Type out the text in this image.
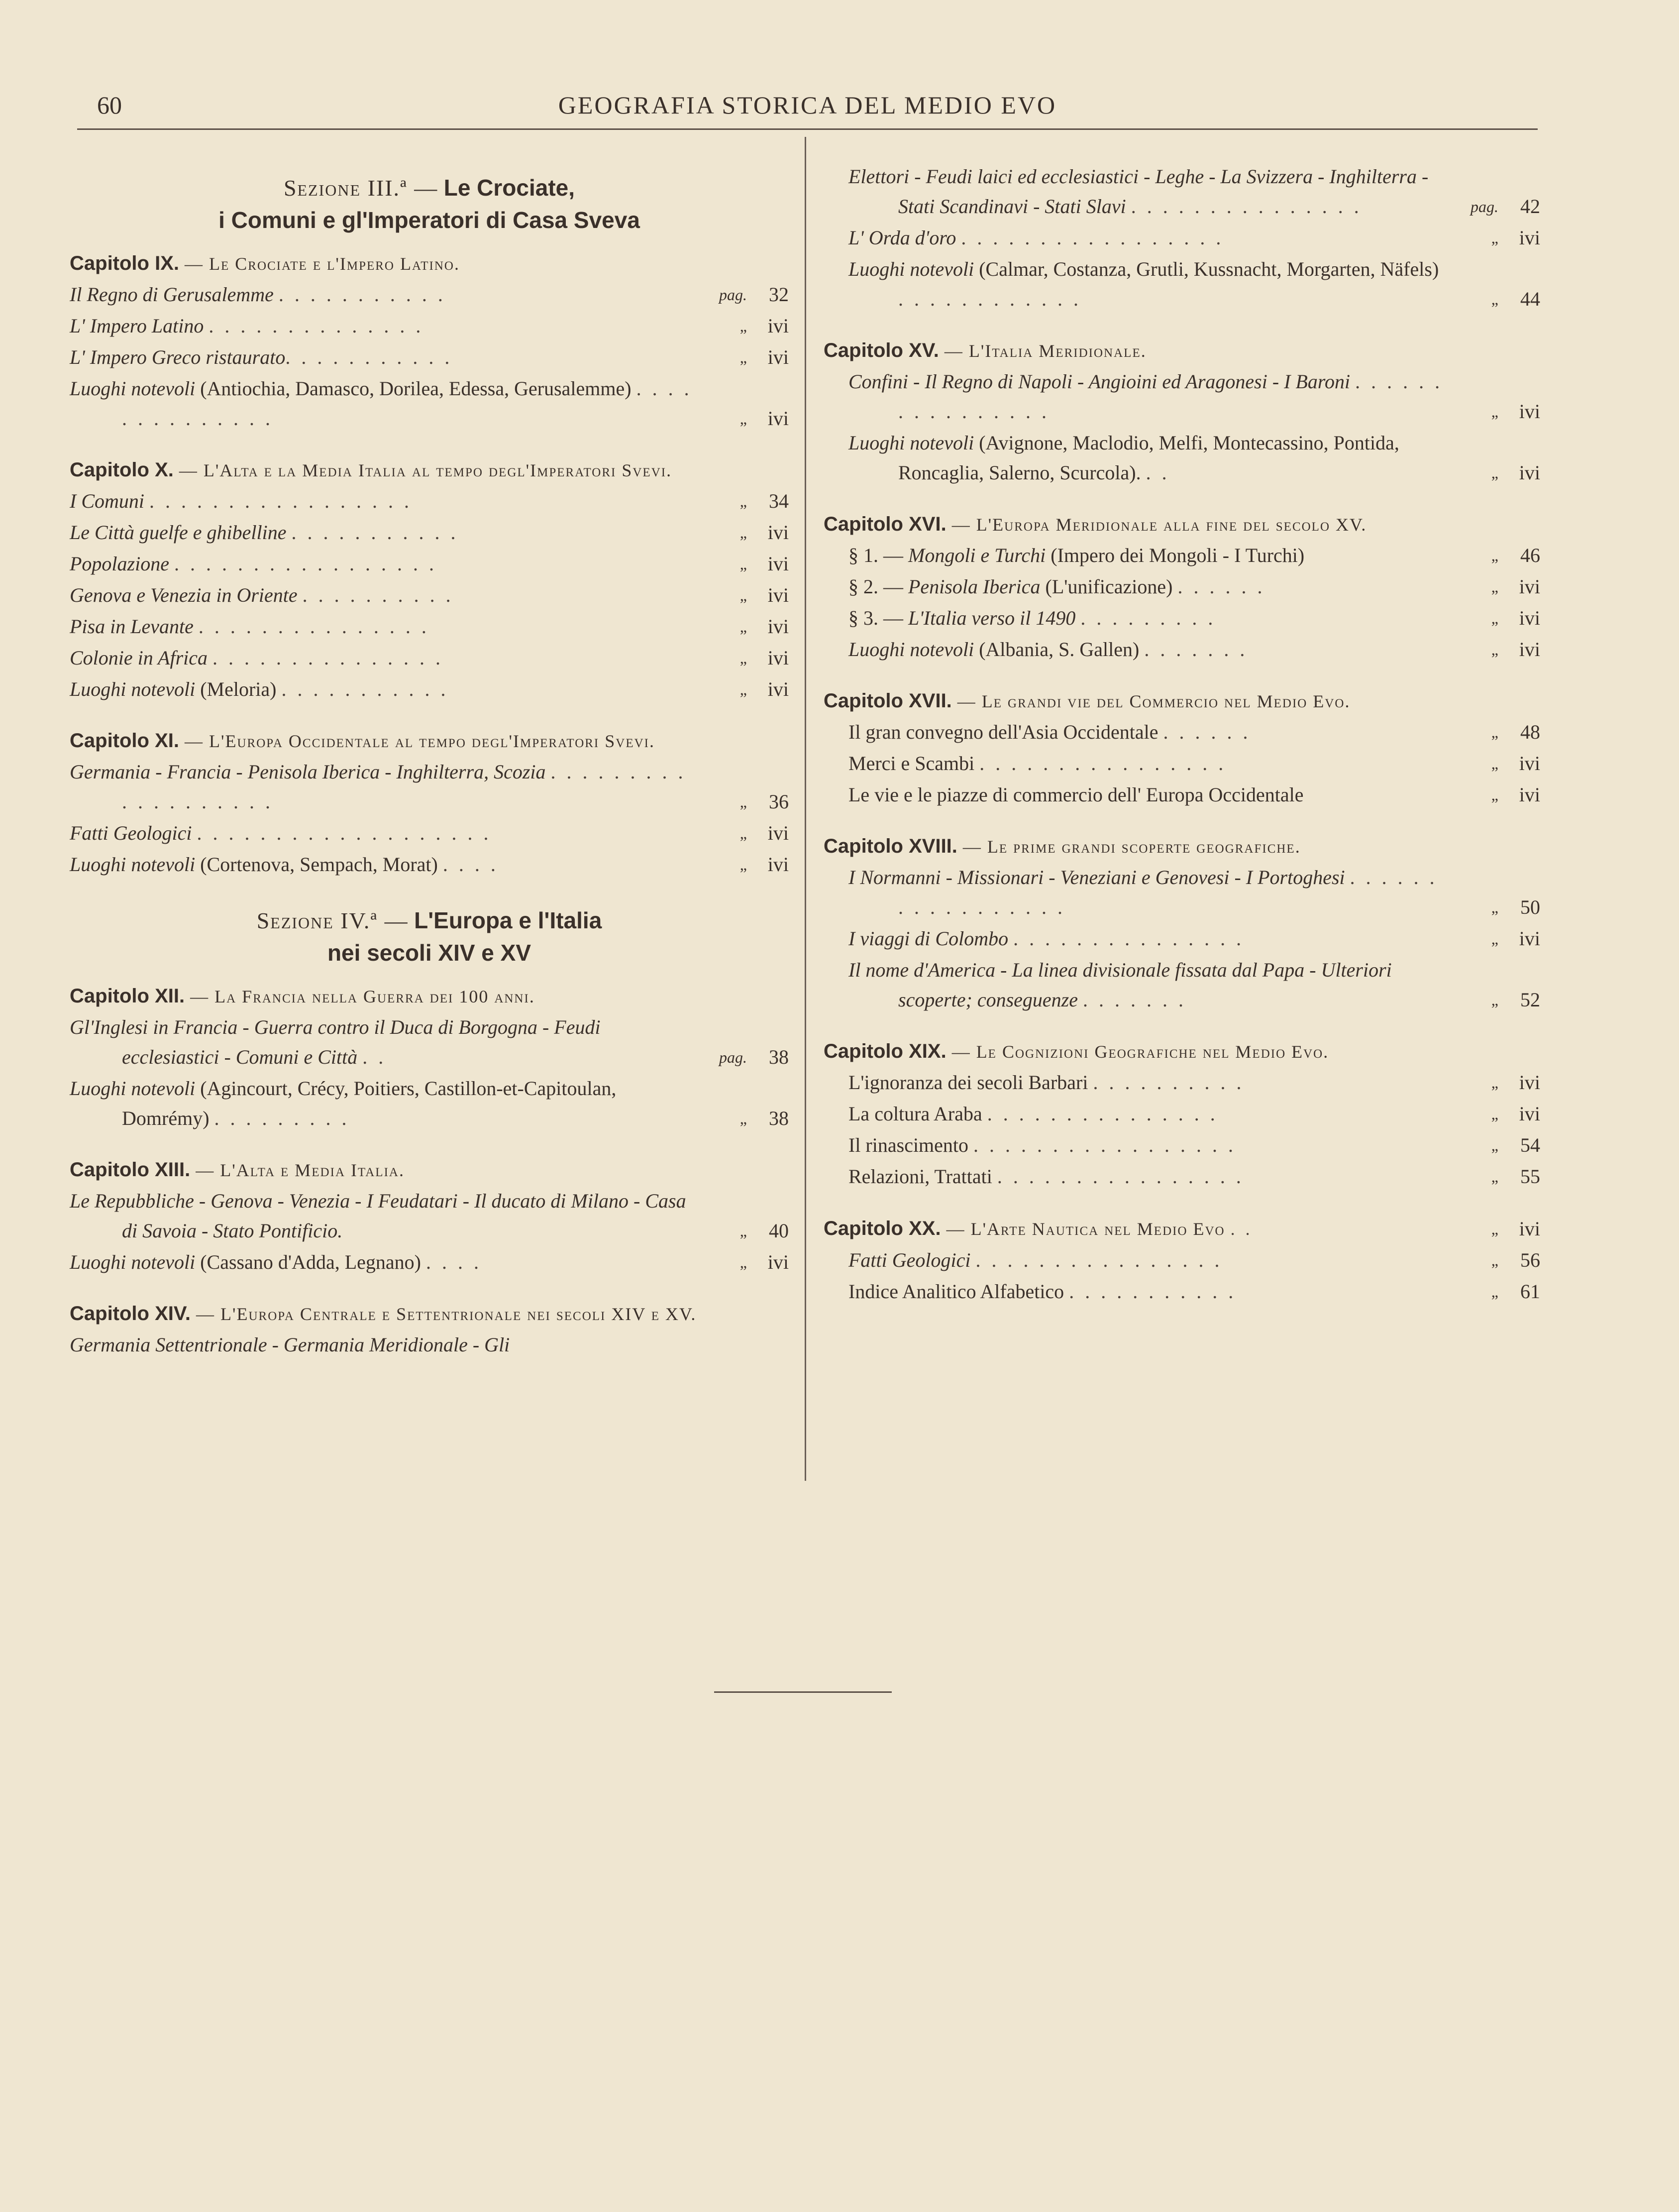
60	GEOGRAFIA STORICA DEL MEDIO EVO
Sezione III.ª — Le Crociate,
i Comuni e gl'Imperatori di Casa Sveva
Capitolo IX. — Le Crociate e l'Impero Latino.
Il Regno di Gerusalemme . . . . . . . . . . .	pag.	32
L' Impero Latino . . . . . . . . . . . . . .	„	ivi
L' Impero Greco ristaurato. . . . . . . . . . .	„	ivi
Luoghi notevoli (Antiochia, Damasco, Dorilea, Edessa, Gerusalemme) . . . . . . . . . . . . . .	„	ivi
Capitolo X. — L'Alta e la Media Italia al tempo degl'Imperatori Svevi.
I Comuni . . . . . . . . . . . . . . . . .	„	34
Le Città guelfe e ghibelline . . . . . . . . . . .	„	ivi
Popolazione . . . . . . . . . . . . . . . . .	„	ivi
Genova e Venezia in Oriente . . . . . . . . . .	„	ivi
Pisa in Levante . . . . . . . . . . . . . . .	„	ivi
Colonie in Africa . . . . . . . . . . . . . . .	„	ivi
Luoghi notevoli (Meloria) . . . . . . . . . . .	„	ivi
Capitolo XI. — L'Europa Occidentale al tempo degl'Imperatori Svevi.
Germania - Francia - Penisola Iberica - Inghilterra, Scozia . . . . . . . . . . . . . . . . . . .	„	36
Fatti Geologici . . . . . . . . . . . . . . . . . . .	„	ivi
Luoghi notevoli (Cortenova, Sempach, Morat) . . . .	„	ivi
Sezione IV.ª — L'Europa e l'Italia
nei secoli XIV e XV
Capitolo XII. — La Francia nella Guerra dei 100 anni.
Gl'Inglesi in Francia - Guerra contro il Duca di Borgogna - Feudi ecclesiastici - Comuni e Città . .	pag.	38
Luoghi notevoli (Agincourt, Crécy, Poitiers, Castillon-et-Capitoulan, Domrémy) . . . . . . . . .	„	38
Capitolo XIII. — L'Alta e Media Italia.
Le Repubbliche - Genova - Venezia - I Feudatari - Il ducato di Milano - Casa di Savoia - Stato Pontificio.	„	40
Luoghi notevoli (Cassano d'Adda, Legnano) . . . .	„	ivi
Capitolo XIV. — L'Europa Centrale e Settentrionale nei secoli XIV e XV.
Germania Settentrionale - Germania Meridionale - Gli
Elettori - Feudi laici ed ecclesiastici - Leghe - La Svizzera - Inghilterra - Stati Scandinavi - Stati Slavi . . . . . . . . . . . . . . .	pag.	42
L' Orda d'oro . . . . . . . . . . . . . . . . .	„	ivi
Luoghi notevoli (Calmar, Costanza, Grutli, Kussnacht, Morgarten, Näfels) . . . . . . . . . . . .	„	44
Capitolo XV. — L'Italia Meridionale.
Confini - Il Regno di Napoli - Angioini ed Aragonesi - I Baroni . . . . . . . . . . . . . . . .	„	ivi
Luoghi notevoli (Avignone, Maclodio, Melfi, Montecassino, Pontida, Roncaglia, Salerno, Scurcola). . .	„	ivi
Capitolo XVI. — L'Europa Meridionale alla fine del secolo XV.
§ 1. — Mongoli e Turchi (Impero dei Mongoli - I Turchi)	„	46
§ 2. — Penisola Iberica (L'unificazione) . . . . . .	„	ivi
§ 3. — L'Italia verso il 1490 . . . . . . . . .	„	ivi
Luoghi notevoli (Albania, S. Gallen) . . . . . . .	„	ivi
Capitolo XVII. — Le grandi vie del Commercio nel Medio Evo.
Il gran convegno dell'Asia Occidentale . . . . . .	„	48
Merci e Scambi . . . . . . . . . . . . . . . .	„	ivi
Le vie e le piazze di commercio dell' Europa Occidentale	„	ivi
Capitolo XVIII. — Le prime grandi scoperte geografiche.
I Normanni - Missionari - Veneziani e Genovesi - I Portoghesi . . . . . . . . . . . . . . . . .	„	50
I viaggi di Colombo . . . . . . . . . . . . . . .	„	ivi
Il nome d'America - La linea divisionale fissata dal Papa - Ulteriori scoperte; conseguenze . . . . . . .	„	52
Capitolo XIX. — Le Cognizioni Geografiche nel Medio Evo.
L'ignoranza dei secoli Barbari . . . . . . . . . .	„	ivi
La coltura Araba . . . . . . . . . . . . . . .	„	ivi
Il rinascimento . . . . . . . . . . . . . . . . .	„	54
Relazioni, Trattati . . . . . . . . . . . . . . . .	„	55
Capitolo XX. — L'Arte Nautica nel Medio Evo . .	„	ivi
Fatti Geologici . . . . . . . . . . . . . . . .	„	56
Indice Analitico Alfabetico . . . . . . . . . . .	„	61
